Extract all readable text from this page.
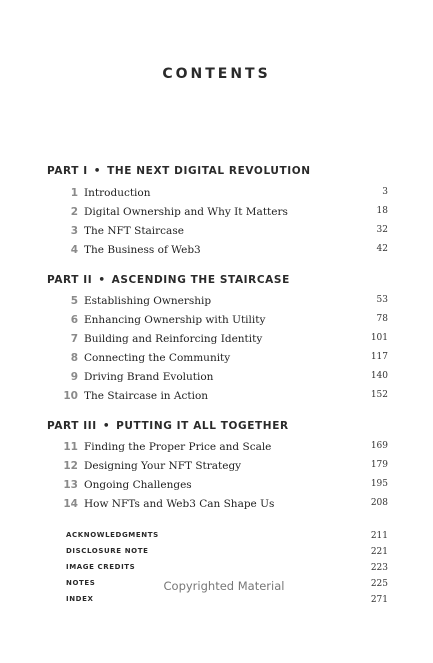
CONTENTS
PART I • THE NEXT DIGITAL REVOLUTION
1 Introduction	3
2 Digital Ownership and Why It Matters	18
3 The NFT Staircase	32
4 The Business of Web3	42
PART II • ASCENDING THE STAIRCASE
5 Establishing Ownership	53
6 Enhancing Ownership with Utility	78
7 Building and Reinforcing Identity	101
8 Connecting the Community	117
9 Driving Brand Evolution	140
10 The Staircase in Action	152
PART III • PUTTING IT ALL TOGETHER
11 Finding the Proper Price and Scale	169
12 Designing Your NFT Strategy	179
13 Ongoing Challenges	195
14 How NFTs and Web3 Can Shape Us	208
ACKNOWLEDGMENTS	211
DISCLOSURE NOTE	221
IMAGE CREDITS	223
NOTES	225
INDEX	271
Copyrighted Material
